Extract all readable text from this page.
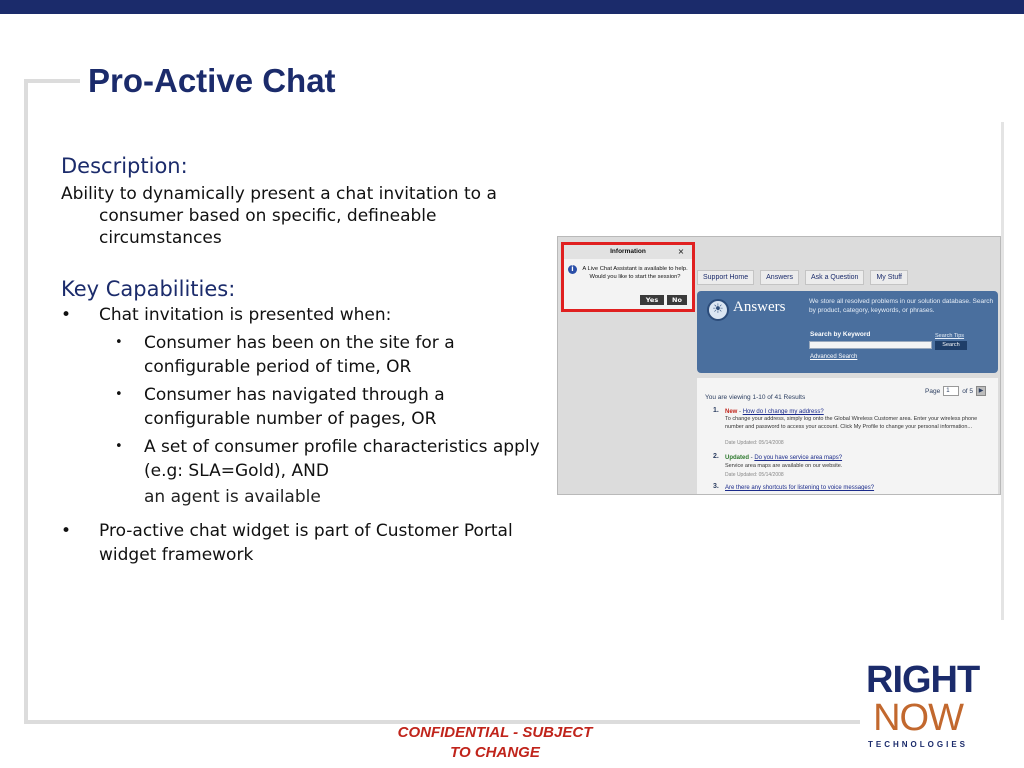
Pro-Active Chat
Description:
Ability to dynamically present a chat invitation to a consumer based on specific, defineable circumstances
Key Capabilities:
• Chat invitation is presented when:
• Consumer has been on the site for a configurable period of time, OR
• Consumer has navigated through a configurable number of pages, OR
• A set of consumer profile characteristics apply (e.g: SLA=Gold), AND
an agent is available
• Pro-active chat widget is part of Customer Portal widget framework
Support Home	Answers	Ask a Question	My Stuff
☀ Answers	We store all resolved problems in our solution database. Search by product, category, keywords, or phrases.
Search by Keyword	Search Tips
Search
Advanced Search
Page	1	of 5 ▶
You are viewing 1-10 of 41 Results
1. New - How do I change my address?
To change your address, simply log onto the Global Wireless Customer area. Enter your wireless phone number and password to access your account. Click My Profile to change your personal information...
Date Updated: 05/14/2008
2. Updated - Do you have service area maps?
Service area maps are available on our website.
Date Updated: 05/14/2008
3. Are there any shortcuts for listening to voice messages?
Information	×
i	A Live Chat Assistant is available to help. Would you like to start the session?
Yes	No
CONFIDENTIAL - SUBJECT
TO CHANGE
RIGHT
NOW
TECHNOLOGIES
